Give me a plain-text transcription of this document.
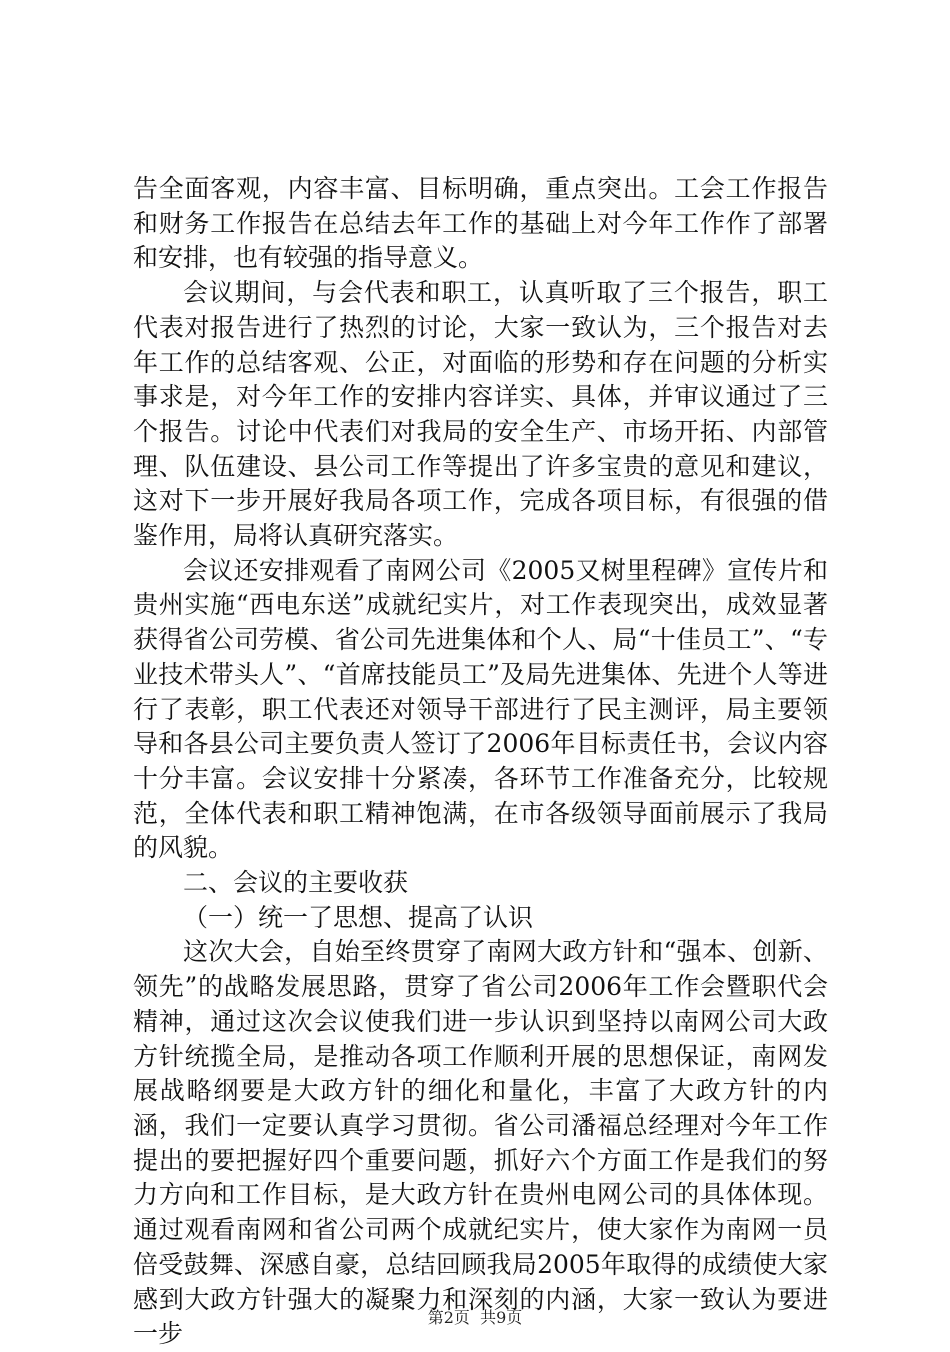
告全面客观，内容丰富、目标明确，重点突出。工会工作报告和财务工作报告在总结去年工作的基础上对今年工作作了部署和安排，也有较强的指导意义。

会议期间，与会代表和职工，认真听取了三个报告，职工代表对报告进行了热烈的讨论，大家一致认为，三个报告对去年工作的总结客观、公正，对面临的形势和存在问题的分析实事求是，对今年工作的安排内容详实、具体，并审议通过了三个报告。讨论中代表们对我局的安全生产、市场开拓、内部管理、队伍建设、县公司工作等提出了许多宝贵的意见和建议，这对下一步开展好我局各项工作，完成各项目标，有很强的借鉴作用，局将认真研究落实。

会议还安排观看了南网公司《2005又树里程碑》宣传片和贵州实施“西电东送”成就纪实片，对工作表现突出，成效显著获得省公司劳模、省公司先进集体和个人、局“十佳员工”、“专业技术带头人”、“首席技能员工”及局先进集体、先进个人等进行了表彰，职工代表还对领导干部进行了民主测评，局主要领导和各县公司主要负责人签订了2006年目标责任书，会议内容十分丰富。会议安排十分紧凑，各环节工作准备充分，比较规范，全体代表和职工精神饱满，在市各级领导面前展示了我局的风貌。

二、会议的主要收获

（一）统一了思想、提高了认识

这次大会，自始至终贯穿了南网大政方针和“强本、创新、领先”的战略发展思路，贯穿了省公司2006年工作会暨职代会精神，通过这次会议使我们进一步认识到坚持以南网公司大政方针统揽全局，是推动各项工作顺利开展的思想保证，南网发展战略纲要是大政方针的细化和量化，丰富了大政方针的内涵，我们一定要认真学习贯彻。省公司潘福总经理对今年工作提出的要把握好四个重要问题，抓好六个方面工作是我们的努力方向和工作目标，是大政方针在贵州电网公司的具体体现。通过观看南网和省公司两个成就纪实片，使大家作为南网一员倍受鼓舞、深感自豪，总结回顾我局2005年取得的成绩使大家感到大政方针强大的凝聚力和深刻的内涵，大家一致认为要进一步

第2页  共9页
